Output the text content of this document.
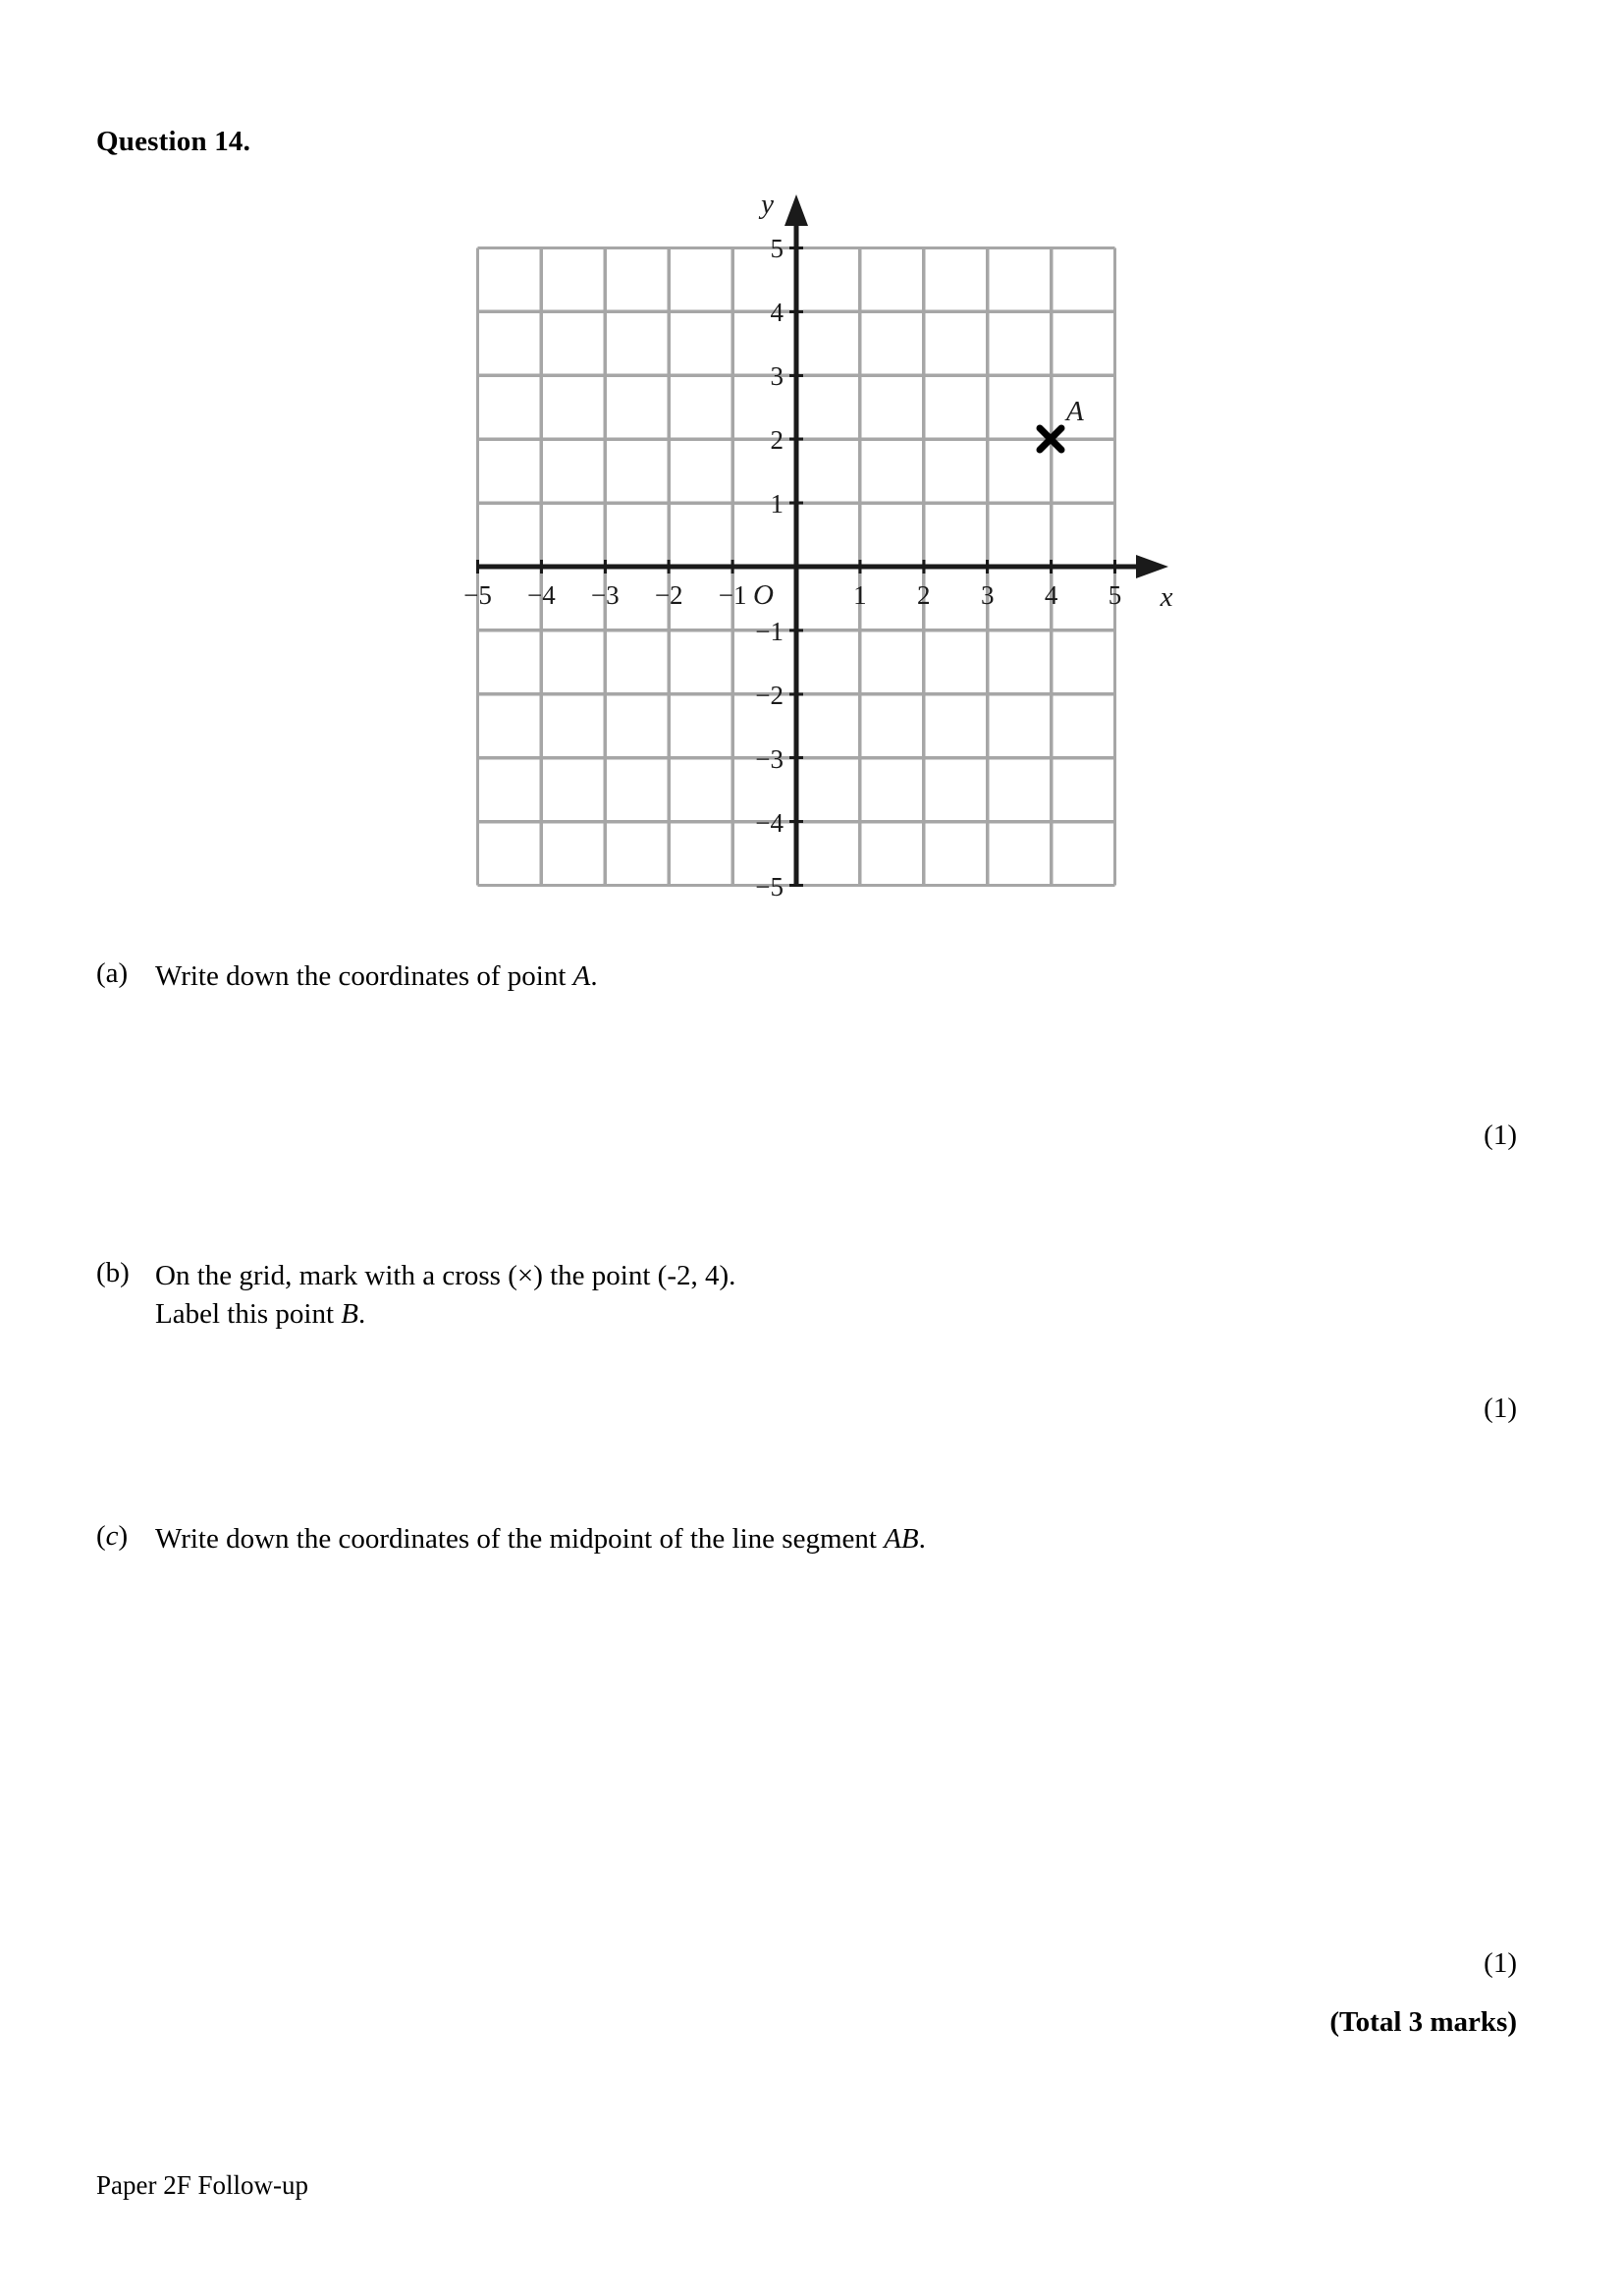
Question 14.
−5 −4 −3 −2 −1	1 2 3 4 5
5
4
3
2
1
−1
−2
−3
−4
−5
O	x
y
A
(a) Write down the coordinates of point A.
(1)
(b) On the grid, mark with a cross (×) the point (-2, 4).
Label this point B.
(1)
(c) Write down the coordinates of the midpoint of the line segment AB.
(1)
(Total 3 marks)
Paper 2F Follow-up
